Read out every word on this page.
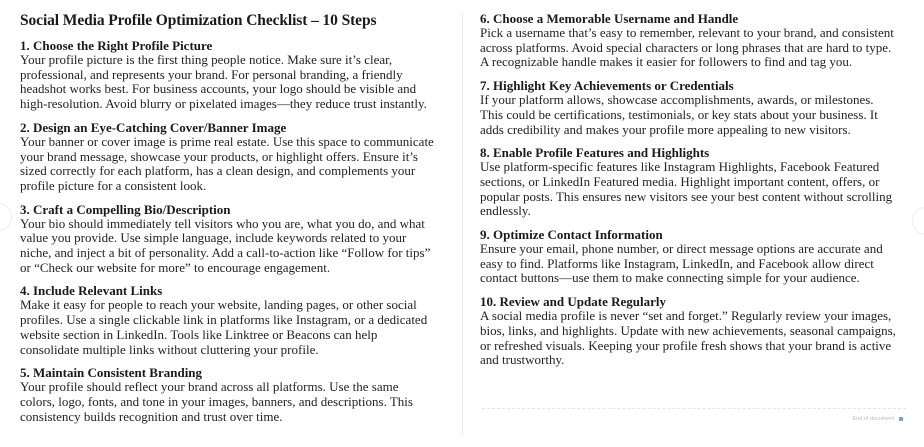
Social Media Profile Optimization Checklist – 10 Steps

1. Choose the Right Profile Picture

Your profile picture is the first thing people notice. Make sure it’s clear,
professional, and represents your brand. For personal branding, a friendly
headshot works best. For business accounts, your logo should be visible and
high-resolution. Avoid blurry or pixelated images—they reduce trust instantly.

2. Design an Eye-Catching Cover/Banner Image

Your banner or cover image is prime real estate. Use this space to communicate
your brand message, showcase your products, or highlight offers. Ensure it’s
sized correctly for each platform, has a clean design, and complements your
profile picture for a consistent look.

3. Craft a Compelling Bio/Description

Your bio should immediately tell visitors who you are, what you do, and what
value you provide. Use simple language, include keywords related to your
niche, and inject a bit of personality. Add a call-to-action like “Follow for tips”
or “Check our website for more” to encourage engagement.

4. Include Relevant Links

Make it easy for people to reach your website, landing pages, or other social
profiles. Use a single clickable link in platforms like Instagram, or a dedicated
website section in LinkedIn. Tools like Linktree or Beacons can help
consolidate multiple links without cluttering your profile.

5. Maintain Consistent Branding

Your profile should reflect your brand across all platforms. Use the same
colors, logo, fonts, and tone in your images, banners, and descriptions. This
consistency builds recognition and trust over time.

6. Choose a Memorable Username and Handle

Pick a username that’s easy to remember, relevant to your brand, and consistent
across platforms. Avoid special characters or long phrases that are hard to type.
A recognizable handle makes it easier for followers to find and tag you.

7. Highlight Key Achievements or Credentials

If your platform allows, showcase accomplishments, awards, or milestones.
This could be certifications, testimonials, or key stats about your business. It
adds credibility and makes your profile more appealing to new visitors.

8. Enable Profile Features and Highlights

Use platform-specific features like Instagram Highlights, Facebook Featured
sections, or LinkedIn Featured media. Highlight important content, offers, or
popular posts. This ensures new visitors see your best content without scrolling
endlessly.

9. Optimize Contact Information

Ensure your email, phone number, or direct message options are accurate and
easy to find. Platforms like Instagram, LinkedIn, and Facebook allow direct
contact buttons—use them to make connecting simple for your audience.

10. Review and Update Regularly

A social media profile is never “set and forget.” Regularly review your images,
bios, links, and highlights. Update with new achievements, seasonal campaigns,
or refreshed visuals. Keeping your profile fresh shows that your brand is active
and trustworthy.

End of document
